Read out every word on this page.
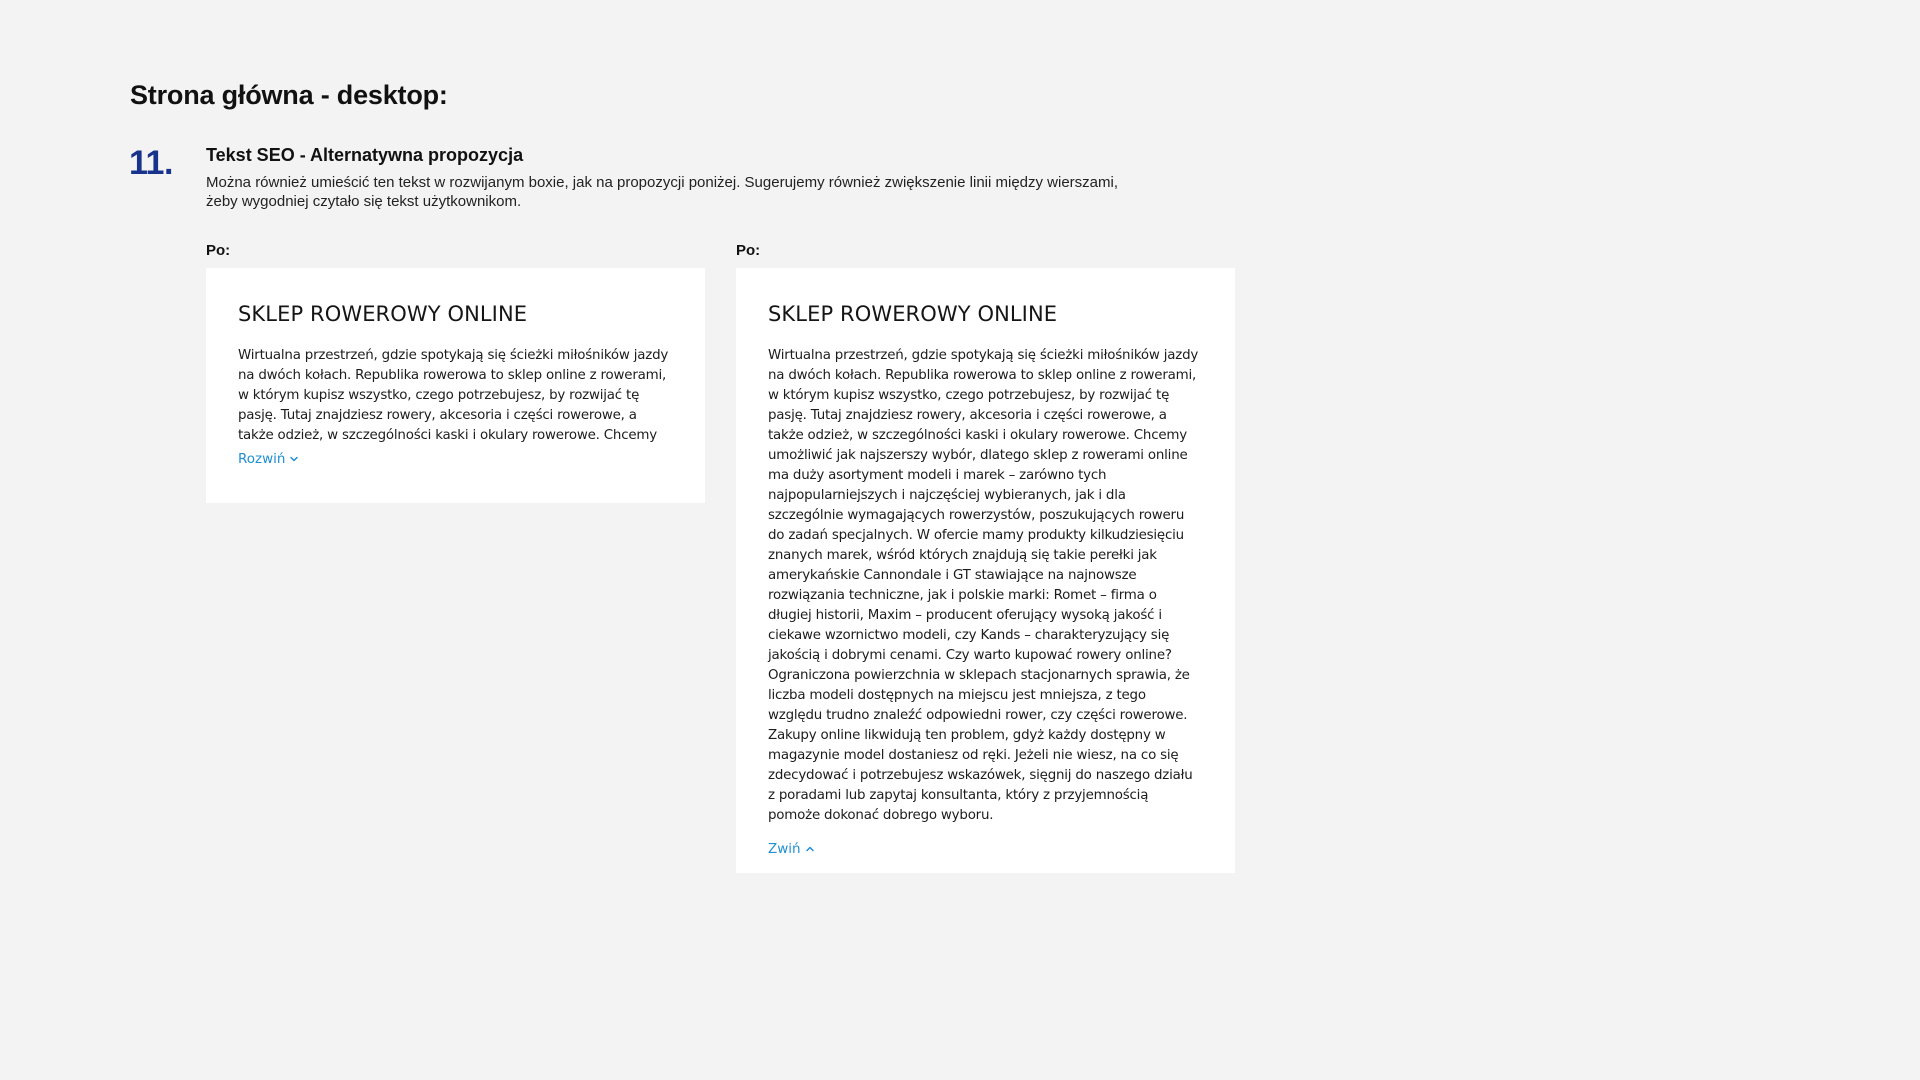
Strona główna - desktop:
11. Tekst SEO - Alternatywna propozycja

Można również umieścić ten tekst w rozwijanym boxie, jak na propozycji poniżej. Sugerujemy również zwiększenie linii między wierszami, żeby wygodniej czytało się tekst użytkownikom.

Po:	Po:
SKLEP ROWEROWY ONLINE

Wirtualna przestrzeń, gdzie spotykają się ścieżki miłośników jazdy na dwóch kołach. Republika rowerowa to sklep online z rowerami, w którym kupisz wszystko, czego potrzebujesz, by rozwijać tę pasję. Tutaj znajdziesz rowery, akcesoria i części rowerowe, a także odzież, w szczególności kaski i okulary rowerowe. Chcemy

Rozwiń
SKLEP ROWEROWY ONLINE

Wirtualna przestrzeń, gdzie spotykają się ścieżki miłośników jazdy na dwóch kołach. Republika rowerowa to sklep online z rowerami, w którym kupisz wszystko, czego potrzebujesz, by rozwijać tę pasję. Tutaj znajdziesz rowery, akcesoria i części rowerowe, a także odzież, w szczególności kaski i okulary rowerowe. Chcemy umożliwić jak najszerszy wybór, dlatego sklep z rowerami online ma duży asortyment modeli i marek – zarówno tych najpopularniejszych i najczęściej wybieranych, jak i dla szczególnie wymagających rowerzystów, poszukujących roweru do zadań specjalnych. W ofercie mamy produkty kilkudziesięciu znanych marek, wśród których znajdują się takie perełki jak amerykańskie Cannondale i GT stawiające na najnowsze rozwiązania techniczne, jak i polskie marki: Romet – firma o długiej historii, Maxim – producent oferujący wysoką jakość i ciekawe wzornictwo modeli, czy Kands – charakteryzujący się jakością i dobrymi cenami. Czy warto kupować rowery online? Ograniczona powierzchnia w sklepach stacjonarnych sprawia, że liczba modeli dostępnych na miejscu jest mniejsza, z tego względu trudno znaleźć odpowiedni rower, czy części rowerowe. Zakupy online likwidują ten problem, gdyż każdy dostępny w magazynie model dostaniesz od ręki. Jeżeli nie wiesz, na co się zdecydować i potrzebujesz wskazówek, sięgnij do naszego działu z poradami lub zapytaj konsultanta, który z przyjemnością pomoże dokonać dobrego wyboru.

Zwiń
